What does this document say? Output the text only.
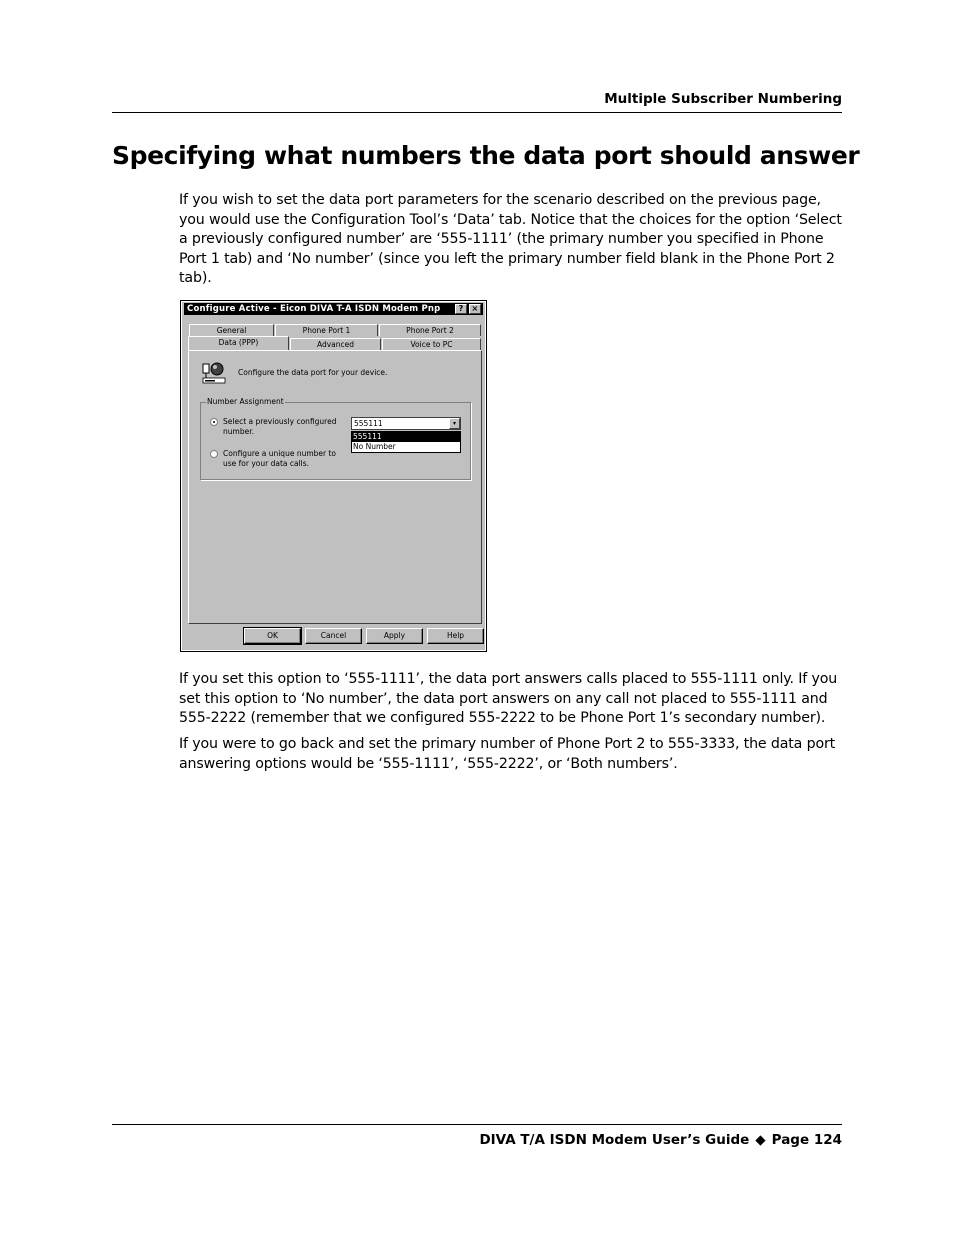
Multiple Subscriber Numbering
Specifying what numbers the data port should answer

If you wish to set the data port parameters for the scenario described on the previous page, you would use the Configuration Tool’s ‘Data’ tab. Notice that the choices for the option ‘Select a previously configured number’ are ‘555-1111’ (the primary number you specified in Phone Port 1 tab) and ‘No number’ (since you left the primary number field blank in the Phone Port 2 tab).

Configure Active - Eicon DIVA T-A ISDN Modem Pnp	?	×
General	Phone Port 1	Phone Port 2
Data (PPP)	Advanced	Voice to PC
Configure the data port for your device.
Number Assignment
Select a previously configured number.
Configure a unique number to use for your data calls.
555111	▾
555111
No Number
OK	Cancel	Apply	Help

If you set this option to ‘555-1111’, the data port answers calls placed to 555-1111 only. If you set this option to ‘No number’, the data port answers on any call not placed to 555-1111 and 555-2222 (remember that we configured 555-2222 to be Phone Port 1’s secondary number).

If you were to go back and set the primary number of Phone Port 2 to 555-3333, the data port answering options would be ‘555-1111’, ‘555-2222’, or ‘Both numbers’.

DIVA T/A ISDN Modem User’s Guide ◆ Page 124
